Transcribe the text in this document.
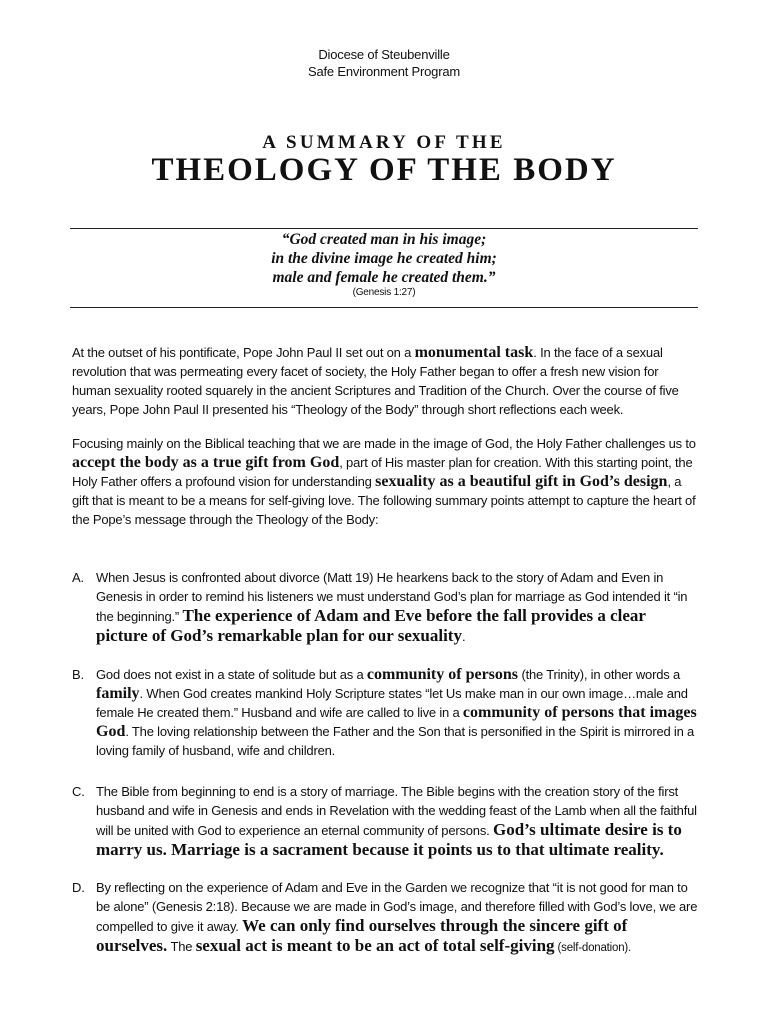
Diocese of Steubenville
Safe Environment Program
A SUMMARY OF THE
THEOLOGY OF THE BODY
“God created man in his image;
in the divine image he created him;
male and female he created them.”
(Genesis 1:27)
At the outset of his pontificate, Pope John Paul II set out on a monumental task. In the face of a sexual revolution that was permeating every facet of society, the Holy Father began to offer a fresh new vision for human sexuality rooted squarely in the ancient Scriptures and Tradition of the Church. Over the course of five years, Pope John Paul II presented his “Theology of the Body” through short reflections each week.
Focusing mainly on the Biblical teaching that we are made in the image of God, the Holy Father challenges us to accept the body as a true gift from God, part of His master plan for creation. With this starting point, the Holy Father offers a profound vision for understanding sexuality as a beautiful gift in God’s design, a gift that is meant to be a means for self-giving love. The following summary points attempt to capture the heart of the Pope’s message through the Theology of the Body:
A. When Jesus is confronted about divorce (Matt 19) He hearkens back to the story of Adam and Even in Genesis in order to remind his listeners we must understand God’s plan for marriage as God intended it “in the beginning.” The experience of Adam and Eve before the fall provides a clear picture of God’s remarkable plan for our sexuality.
B. God does not exist in a state of solitude but as a community of persons (the Trinity), in other words a family. When God creates mankind Holy Scripture states “let Us make man in our own image…male and female He created them.” Husband and wife are called to live in a community of persons that images God. The loving relationship between the Father and the Son that is personified in the Spirit is mirrored in a loving family of husband, wife and children.
C. The Bible from beginning to end is a story of marriage. The Bible begins with the creation story of the first husband and wife in Genesis and ends in Revelation with the wedding feast of the Lamb when all the faithful will be united with God to experience an eternal community of persons. God’s ultimate desire is to marry us. Marriage is a sacrament because it points us to that ultimate reality.
D. By reflecting on the experience of Adam and Eve in the Garden we recognize that “it is not good for man to be alone” (Genesis 2:18). Because we are made in God’s image, and therefore filled with God’s love, we are compelled to give it away. We can only find ourselves through the sincere gift of ourselves. The sexual act is meant to be an act of total self-giving (self-donation).
